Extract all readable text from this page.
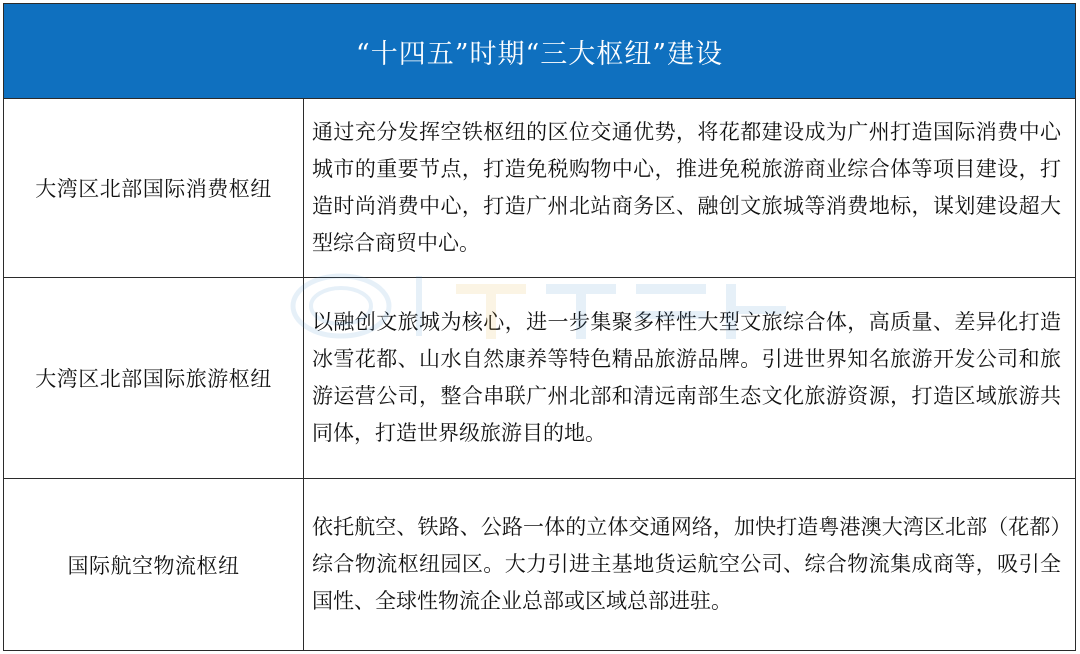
“十四五”时期“三大枢纽”建设
大湾区北部国际消费枢纽

通过充分发挥空铁枢纽的区位交通优势，将花都建设成为广州打造国际消费中心城市的重要节点，打造免税购物中心，推进免税旅游商业综合体等项目建设，打造时尚消费中心，打造广州北站商务区、融创文旅城等消费地标，谋划建设超大型综合商贸中心。

大湾区北部国际旅游枢纽

以融创文旅城为核心，进一步集聚多样性大型文旅综合体，高质量、差异化打造冰雪花都、山水自然康养等特色精品旅游品牌。引进世界知名旅游开发公司和旅游运营公司，整合串联广州北部和清远南部生态文化旅游资源，打造区域旅游共同体，打造世界级旅游目的地。

国际航空物流枢纽

依托航空、铁路、公路一体的立体交通网络，加快打造粤港澳大湾区北部（花都）综合物流枢纽园区。大力引进主基地货运航空公司、综合物流集成商等，吸引全国性、全球性物流企业总部或区域总部进驻。
